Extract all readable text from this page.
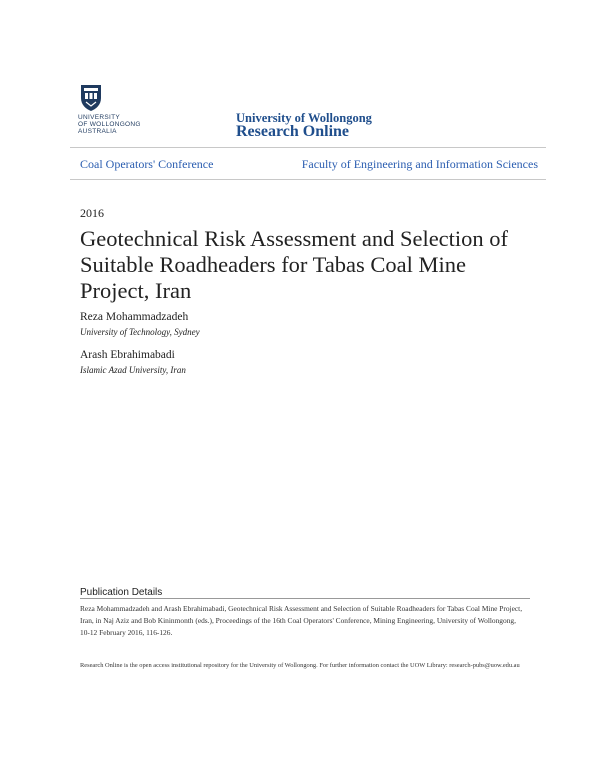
UNIVERSITY
OF WOLLONGONG
AUSTRALIA
University of Wollongong
Research Online
Coal Operators' Conference	Faculty of Engineering and Information Sciences
2016
Geotechnical Risk Assessment and Selection of Suitable Roadheaders for Tabas Coal Mine Project, Iran
Reza Mohammadzadeh
University of Technology, Sydney
Arash Ebrahimabadi
Islamic Azad University, Iran
Publication Details
Reza Mohammadzadeh and Arash Ebrahimabadi, Geotechnical Risk Assessment and Selection of Suitable Roadheaders for Tabas Coal Mine Project, Iran, in Naj Aziz and Bob Kininmonth (eds.), Proceedings of the 16th Coal Operators' Conference, Mining Engineering, University of Wollongong, 10-12 February 2016, 116-126.
Research Online is the open access institutional repository for the University of Wollongong. For further information contact the UOW Library: research-pubs@uow.edu.au
